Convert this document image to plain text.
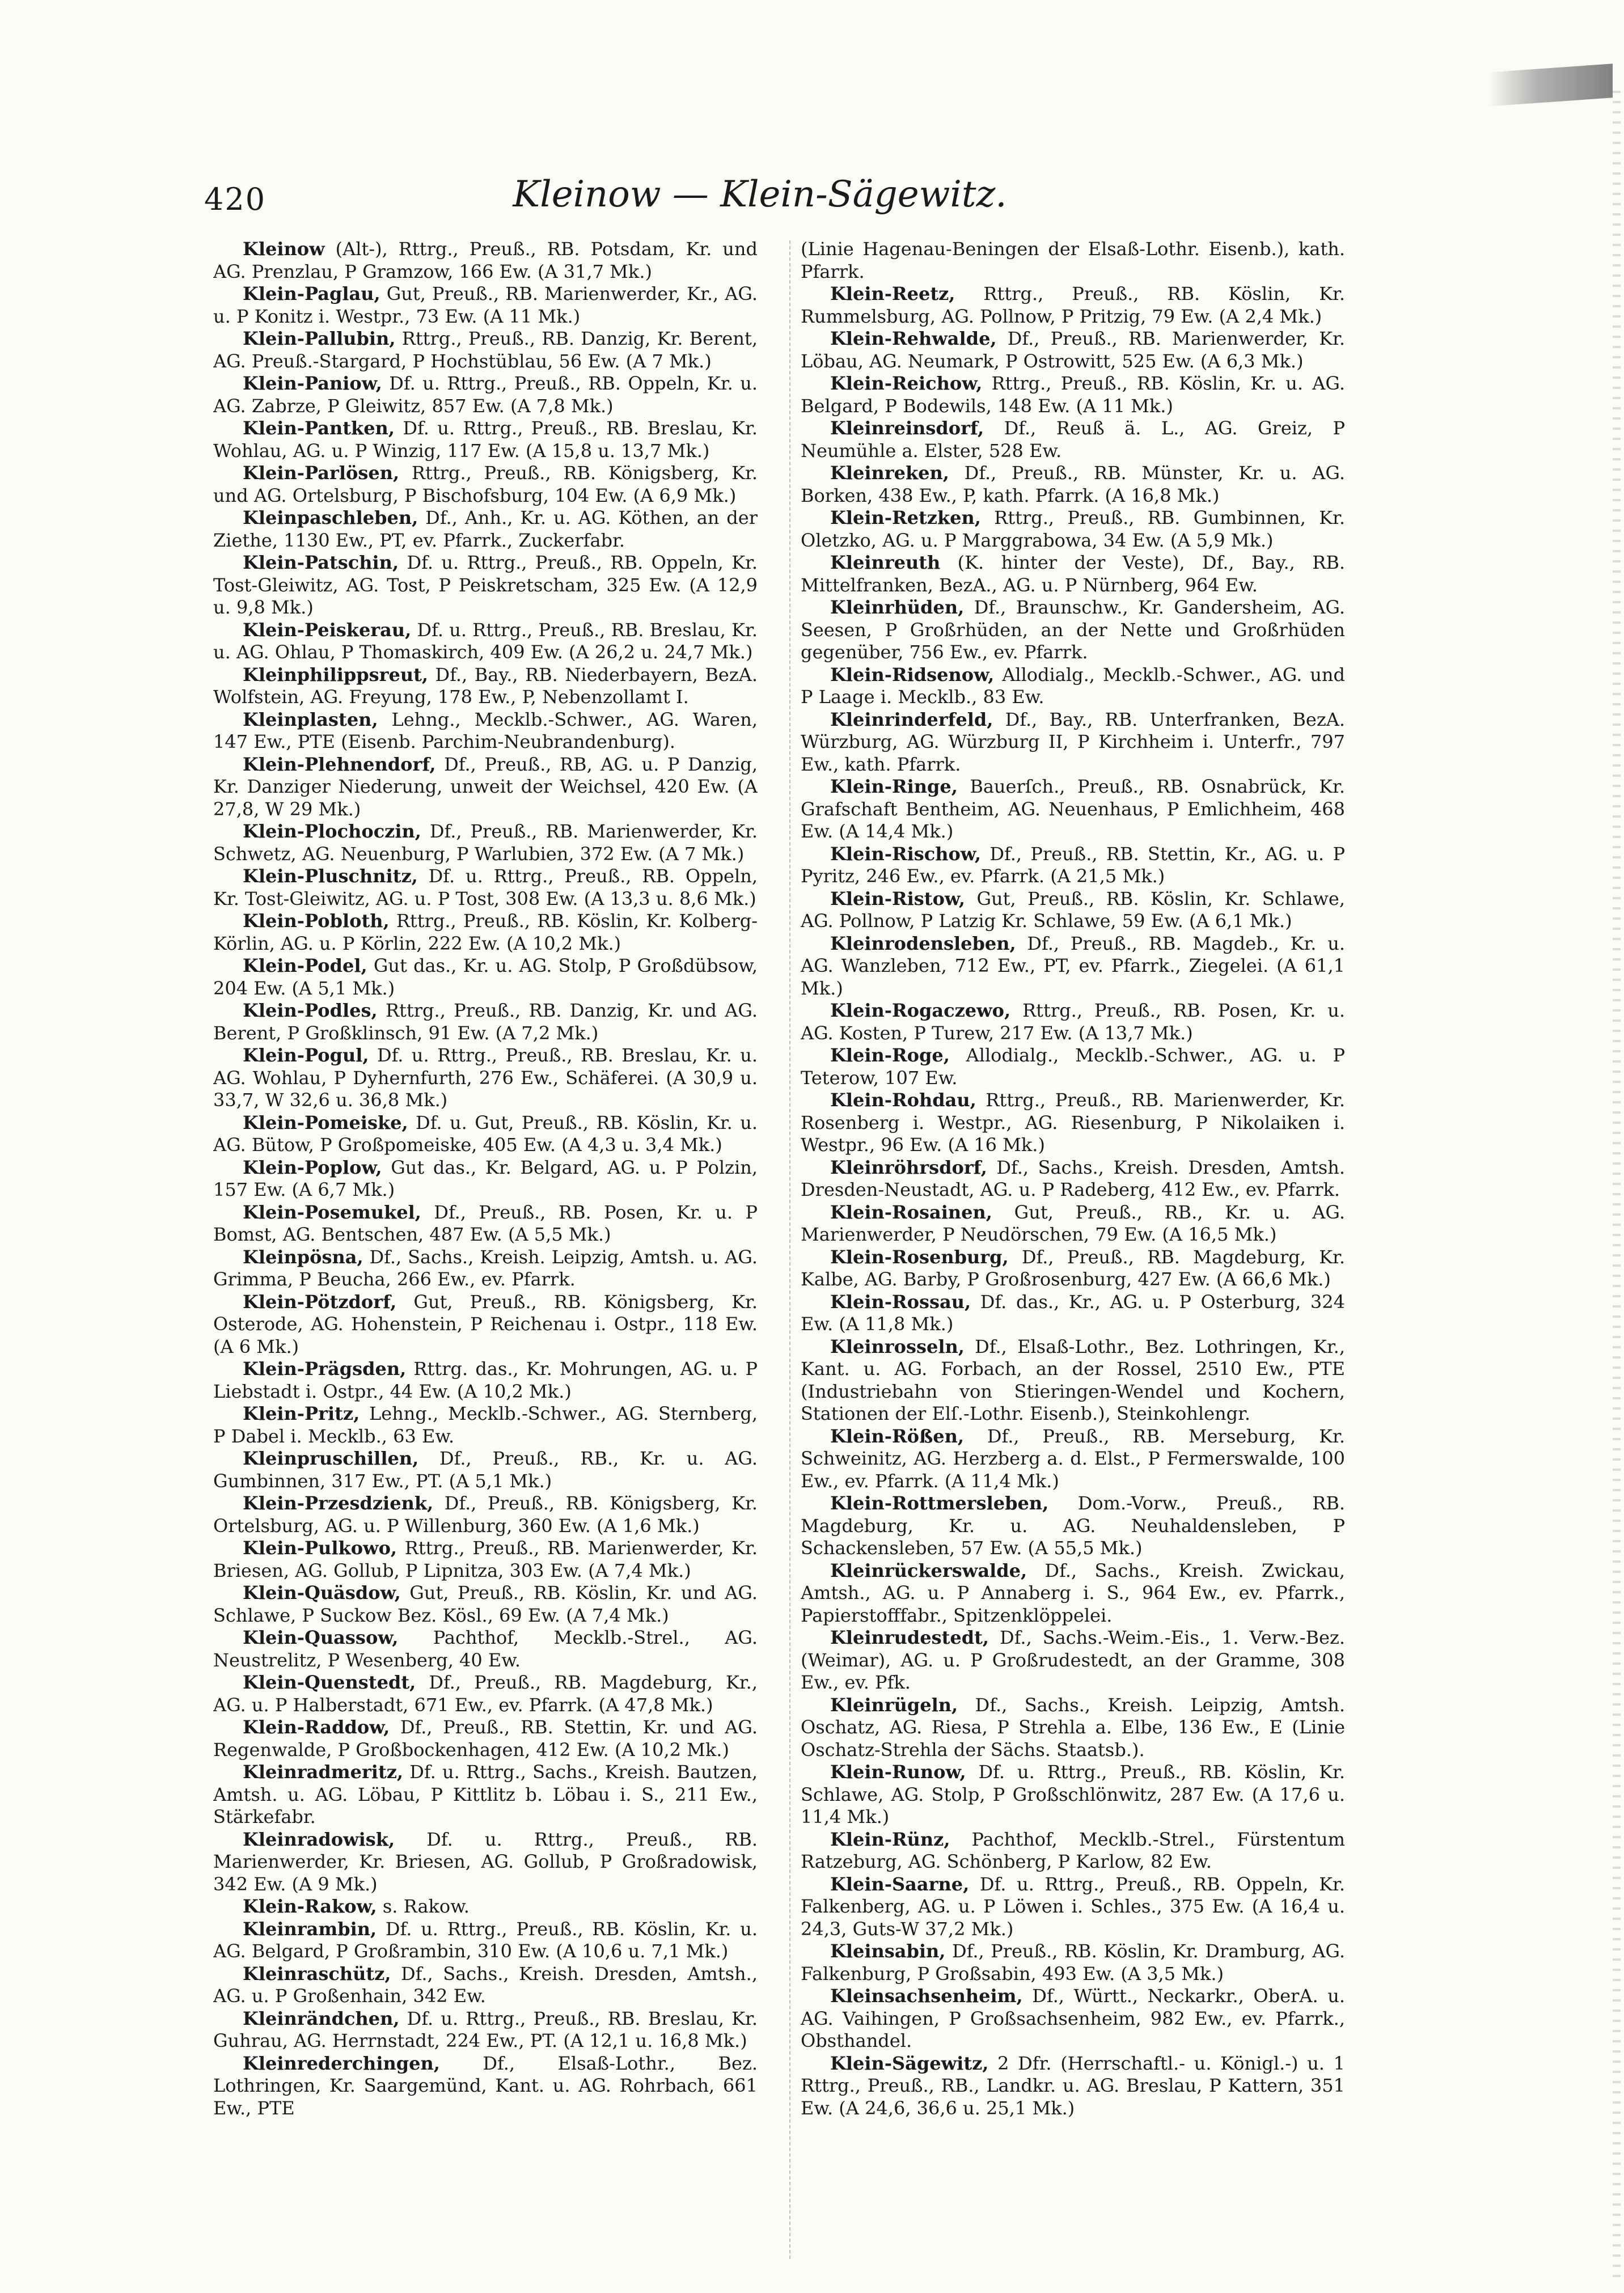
420	Kleinow — Klein-Sägewitz.

Kleinow (Alt-), Rttrg., Preuß., RB. Potsdam, Kr. und AG. Prenzlau, P Gramzow, 166 Ew. (A 31,7 Mk.)

Klein-Paglau, Gut, Preuß., RB. Marienwerder, Kr., AG. u. P Konitz i. Westpr., 73 Ew. (A 11 Mk.)

Klein-Pallubin, Rttrg., Preuß., RB. Danzig, Kr. Berent, AG. Preuß.-Stargard, P Hochstüblau, 56 Ew. (A 7 Mk.)

Klein-Paniow, Df. u. Rttrg., Preuß., RB. Oppeln, Kr. u. AG. Zabrze, P Gleiwitz, 857 Ew. (A 7,8 Mk.)

Klein-Pantken, Df. u. Rttrg., Preuß., RB. Breslau, Kr. Wohlau, AG. u. P Winzig, 117 Ew. (A 15,8 u. 13,7 Mk.)

Klein-Parlösen, Rttrg., Preuß., RB. Königsberg, Kr. und AG. Ortelsburg, P Bischofsburg, 104 Ew. (A 6,9 Mk.)

Kleinpaschleben, Df., Anh., Kr. u. AG. Köthen, an der Ziethe, 1130 Ew., PT, ev. Pfarrk., Zuckerfabr.

Klein-Patschin, Df. u. Rttrg., Preuß., RB. Oppeln, Kr. Tost-Gleiwitz, AG. Tost, P Peiskretscham, 325 Ew. (A 12,9 u. 9,8 Mk.)

Klein-Peiskerau, Df. u. Rttrg., Preuß., RB. Breslau, Kr. u. AG. Ohlau, P Thomaskirch, 409 Ew. (A 26,2 u. 24,7 Mk.)

Kleinphilippsreut, Df., Bay., RB. Niederbayern, BezA. Wolfstein, AG. Freyung, 178 Ew., P, Nebenzollamt I.

Kleinplasten, Lehng., Mecklb.-Schwer., AG. Waren, 147 Ew., PTE (Eisenb. Parchim-Neubrandenburg).

Klein-Plehnendorf, Df., Preuß., RB, AG. u. P Danzig, Kr. Danziger Niederung, unweit der Weichsel, 420 Ew. (A 27,8, W 29 Mk.)

Klein-Plochoczin, Df., Preuß., RB. Marienwerder, Kr. Schwetz, AG. Neuenburg, P Warlubien, 372 Ew. (A 7 Mk.)

Klein-Pluschnitz, Df. u. Rttrg., Preuß., RB. Oppeln, Kr. Tost-Gleiwitz, AG. u. P Tost, 308 Ew. (A 13,3 u. 8,6 Mk.)

Klein-Pobloth, Rttrg., Preuß., RB. Köslin, Kr. Kolberg-Körlin, AG. u. P Körlin, 222 Ew. (A 10,2 Mk.)

Klein-Podel, Gut das., Kr. u. AG. Stolp, P Großdübsow, 204 Ew. (A 5,1 Mk.)

Klein-Podles, Rttrg., Preuß., RB. Danzig, Kr. und AG. Berent, P Großklinsch, 91 Ew. (A 7,2 Mk.)

Klein-Pogul, Df. u. Rttrg., Preuß., RB. Breslau, Kr. u. AG. Wohlau, P Dyhernfurth, 276 Ew., Schäferei. (A 30,9 u. 33,7, W 32,6 u. 36,8 Mk.)

Klein-Pomeiske, Df. u. Gut, Preuß., RB. Köslin, Kr. u. AG. Bütow, P Großpomeiske, 405 Ew. (A 4,3 u. 3,4 Mk.)

Klein-Poplow, Gut das., Kr. Belgard, AG. u. P Polzin, 157 Ew. (A 6,7 Mk.)

Klein-Posemukel, Df., Preuß., RB. Posen, Kr. u. P Bomst, AG. Bentschen, 487 Ew. (A 5,5 Mk.)

Kleinpösna, Df., Sachs., Kreish. Leipzig, Amtsh. u. AG. Grimma, P Beucha, 266 Ew., ev. Pfarrk.

Klein-Pötzdorf, Gut, Preuß., RB. Königsberg, Kr. Osterode, AG. Hohenstein, P Reichenau i. Ostpr., 118 Ew. (A 6 Mk.)

Klein-Prägsden, Rttrg. das., Kr. Mohrungen, AG. u. P Liebstadt i. Ostpr., 44 Ew. (A 10,2 Mk.)

Klein-Pritz, Lehng., Mecklb.-Schwer., AG. Sternberg, P Dabel i. Mecklb., 63 Ew.

Kleinpruschillen, Df., Preuß., RB., Kr. u. AG. Gumbinnen, 317 Ew., PT. (A 5,1 Mk.)

Klein-Przesdzienk, Df., Preuß., RB. Königsberg, Kr. Ortelsburg, AG. u. P Willenburg, 360 Ew. (A 1,6 Mk.)

Klein-Pulkowo, Rttrg., Preuß., RB. Marienwerder, Kr. Briesen, AG. Gollub, P Lipnitza, 303 Ew. (A 7,4 Mk.)

Klein-Quäsdow, Gut, Preuß., RB. Köslin, Kr. und AG. Schlawe, P Suckow Bez. Kösl., 69 Ew. (A 7,4 Mk.)

Klein-Quassow, Pachthof, Mecklb.-Strel., AG. Neustrelitz, P Wesenberg, 40 Ew.

Klein-Quenstedt, Df., Preuß., RB. Magdeburg, Kr., AG. u. P Halberstadt, 671 Ew., ev. Pfarrk. (A 47,8 Mk.)

Klein-Raddow, Df., Preuß., RB. Stettin, Kr. und AG. Regenwalde, P Großbockenhagen, 412 Ew. (A 10,2 Mk.)

Kleinradmeritz, Df. u. Rttrg., Sachs., Kreish. Bautzen, Amtsh. u. AG. Löbau, P Kittlitz b. Löbau i. S., 211 Ew., Stärkefabr.

Kleinradowisk, Df. u. Rttrg., Preuß., RB. Marienwerder, Kr. Briesen, AG. Gollub, P Großradowisk, 342 Ew. (A 9 Mk.)

Klein-Rakow, s. Rakow.

Kleinrambin, Df. u. Rttrg., Preuß., RB. Köslin, Kr. u. AG. Belgard, P Großrambin, 310 Ew. (A 10,6 u. 7,1 Mk.)

Kleinraschütz, Df., Sachs., Kreish. Dresden, Amtsh., AG. u. P Großenhain, 342 Ew.

Kleinrändchen, Df. u. Rttrg., Preuß., RB. Breslau, Kr. Guhrau, AG. Herrnstadt, 224 Ew., PT. (A 12,1 u. 16,8 Mk.)

Kleinrederchingen, Df., Elsaß-Lothr., Bez. Lothringen, Kr. Saargemünd, Kant. u. AG. Rohrbach, 661 Ew., PTE

(Linie Hagenau-Beningen der Elsaß-Lothr. Eisenb.), kath. Pfarrk.

Klein-Reetz, Rttrg., Preuß., RB. Köslin, Kr. Rummelsburg, AG. Pollnow, P Pritzig, 79 Ew. (A 2,4 Mk.)

Klein-Rehwalde, Df., Preuß., RB. Marienwerder, Kr. Löbau, AG. Neumark, P Ostrowitt, 525 Ew. (A 6,3 Mk.)

Klein-Reichow, Rttrg., Preuß., RB. Köslin, Kr. u. AG. Belgard, P Bodewils, 148 Ew. (A 11 Mk.)

Kleinreinsdorf, Df., Reuß ä. L., AG. Greiz, P Neumühle a. Elster, 528 Ew.

Kleinreken, Df., Preuß., RB. Münster, Kr. u. AG. Borken, 438 Ew., P, kath. Pfarrk. (A 16,8 Mk.)

Klein-Retzken, Rttrg., Preuß., RB. Gumbinnen, Kr. Oletzko, AG. u. P Marggrabowa, 34 Ew. (A 5,9 Mk.)

Kleinreuth (K. hinter der Veste), Df., Bay., RB. Mittelfranken, BezA., AG. u. P Nürnberg, 964 Ew.

Kleinrhüden, Df., Braunschw., Kr. Gandersheim, AG. Seesen, P Großrhüden, an der Nette und Großrhüden gegenüber, 756 Ew., ev. Pfarrk.

Klein-Ridsenow, Allodialg., Mecklb.-Schwer., AG. und P Laage i. Mecklb., 83 Ew.

Kleinrinderfeld, Df., Bay., RB. Unterfranken, BezA. Würzburg, AG. Würzburg II, P Kirchheim i. Unterfr., 797 Ew., kath. Pfarrk.

Klein-Ringe, Bauerſch., Preuß., RB. Osnabrück, Kr. Grafschaft Bentheim, AG. Neuenhaus, P Emlichheim, 468 Ew. (A 14,4 Mk.)

Klein-Rischow, Df., Preuß., RB. Stettin, Kr., AG. u. P Pyritz, 246 Ew., ev. Pfarrk. (A 21,5 Mk.)

Klein-Ristow, Gut, Preuß., RB. Köslin, Kr. Schlawe, AG. Pollnow, P Latzig Kr. Schlawe, 59 Ew. (A 6,1 Mk.)

Kleinrodensleben, Df., Preuß., RB. Magdeb., Kr. u. AG. Wanzleben, 712 Ew., PT, ev. Pfarrk., Ziegelei. (A 61,1 Mk.)

Klein-Rogaczewo, Rttrg., Preuß., RB. Posen, Kr. u. AG. Kosten, P Turew, 217 Ew. (A 13,7 Mk.)

Klein-Roge, Allodialg., Mecklb.-Schwer., AG. u. P Teterow, 107 Ew.

Klein-Rohdau, Rttrg., Preuß., RB. Marienwerder, Kr. Rosenberg i. Westpr., AG. Riesenburg, P Nikolaiken i. Westpr., 96 Ew. (A 16 Mk.)

Kleinröhrsdorf, Df., Sachs., Kreish. Dresden, Amtsh. Dresden-Neustadt, AG. u. P Radeberg, 412 Ew., ev. Pfarrk.

Klein-Rosainen, Gut, Preuß., RB., Kr. u. AG. Marienwerder, P Neudörschen, 79 Ew. (A 16,5 Mk.)

Klein-Rosenburg, Df., Preuß., RB. Magdeburg, Kr. Kalbe, AG. Barby, P Großrosenburg, 427 Ew. (A 66,6 Mk.)

Klein-Rossau, Df. das., Kr., AG. u. P Osterburg, 324 Ew. (A 11,8 Mk.)

Kleinrosseln, Df., Elsaß-Lothr., Bez. Lothringen, Kr., Kant. u. AG. Forbach, an der Rossel, 2510 Ew., PTE (Industriebahn von Stieringen-Wendel und Kochern, Stationen der Elſ.-Lothr. Eisenb.), Steinkohlengr.

Klein-Rößen, Df., Preuß., RB. Merseburg, Kr. Schweinitz, AG. Herzberg a. d. Elst., P Fermerswalde, 100 Ew., ev. Pfarrk. (A 11,4 Mk.)

Klein-Rottmersleben, Dom.-Vorw., Preuß., RB. Magdeburg, Kr. u. AG. Neuhaldensleben, P Schackensleben, 57 Ew. (A 55,5 Mk.)

Kleinrückerswalde, Df., Sachs., Kreish. Zwickau, Amtsh., AG. u. P Annaberg i. S., 964 Ew., ev. Pfarrk., Papierstofffabr., Spitzenklöppelei.

Kleinrudestedt, Df., Sachs.-Weim.-Eis., 1. Verw.-Bez. (Weimar), AG. u. P Großrudestedt, an der Gramme, 308 Ew., ev. Pfk.

Kleinrügeln, Df., Sachs., Kreish. Leipzig, Amtsh. Oschatz, AG. Riesa, P Strehla a. Elbe, 136 Ew., E (Linie Oschatz-Strehla der Sächs. Staatsb.).

Klein-Runow, Df. u. Rttrg., Preuß., RB. Köslin, Kr. Schlawe, AG. Stolp, P Großschlönwitz, 287 Ew. (A 17,6 u. 11,4 Mk.)

Klein-Rünz, Pachthof, Mecklb.-Strel., Fürstentum Ratzeburg, AG. Schönberg, P Karlow, 82 Ew.

Klein-Saarne, Df. u. Rttrg., Preuß., RB. Oppeln, Kr. Falkenberg, AG. u. P Löwen i. Schles., 375 Ew. (A 16,4 u. 24,3, Guts-W 37,2 Mk.)

Kleinsabin, Df., Preuß., RB. Köslin, Kr. Dramburg, AG. Falkenburg, P Großsabin, 493 Ew. (A 3,5 Mk.)

Kleinsachsenheim, Df., Württ., Neckarkr., OberA. u. AG. Vaihingen, P Großsachsenheim, 982 Ew., ev. Pfarrk., Obsthandel.

Klein-Sägewitz, 2 Dfr. (Herrschaftl.- u. Königl.-) u. 1 Rttrg., Preuß., RB., Landkr. u. AG. Breslau, P Kattern, 351 Ew. (A 24,6, 36,6 u. 25,1 Mk.)
